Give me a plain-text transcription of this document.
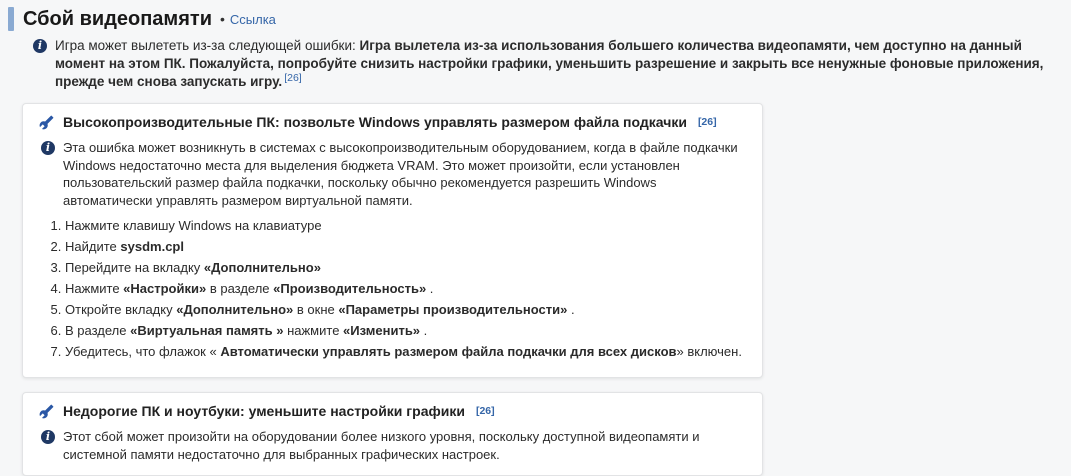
Сбой видеопамяти • Ссылка
i Игра может вылететь из-за следующей ошибки: Игра вылетела из-за использования большего количества видеопамяти, чем доступно на данный момент на этом ПК. Пожалуйста, попробуйте снизить настройки графики, уменьшить разрешение и закрыть все ненужные фоновые приложения, прежде чем снова запускать игру. [26]

Высокопроизводительные ПК: позвольте Windows управлять размером файла подкачки [26]
i Эта ошибка может возникнуть в системах с высокопроизводительным оборудованием, когда в файле подкачки Windows недостаточно места для выделения бюджета VRAM. Это может произойти, если установлен пользовательский размер файла подкачки, поскольку обычно рекомендуется разрешить Windows автоматически управлять размером виртуальной памяти.

1. Нажмите клавишу Windows на клавиатуре
2. Найдите sysdm.cpl
3. Перейдите на вкладку «Дополнительно»
4. Нажмите «Настройки» в разделе «Производительность» .
5. Откройте вкладку «Дополнительно» в окне «Параметры производительности» .
6. В разделе «Виртуальная память » нажмите «Изменить» .
7. Убедитесь, что флажок « Автоматически управлять размером файла подкачки для всех дисков» включен.
Недорогие ПК и ноутбуки: уменьшите настройки графики [26]
i Этот сбой может произойти на оборудовании более низкого уровня, поскольку доступной видеопамяти и системной памяти недостаточно для выбранных графических настроек.
